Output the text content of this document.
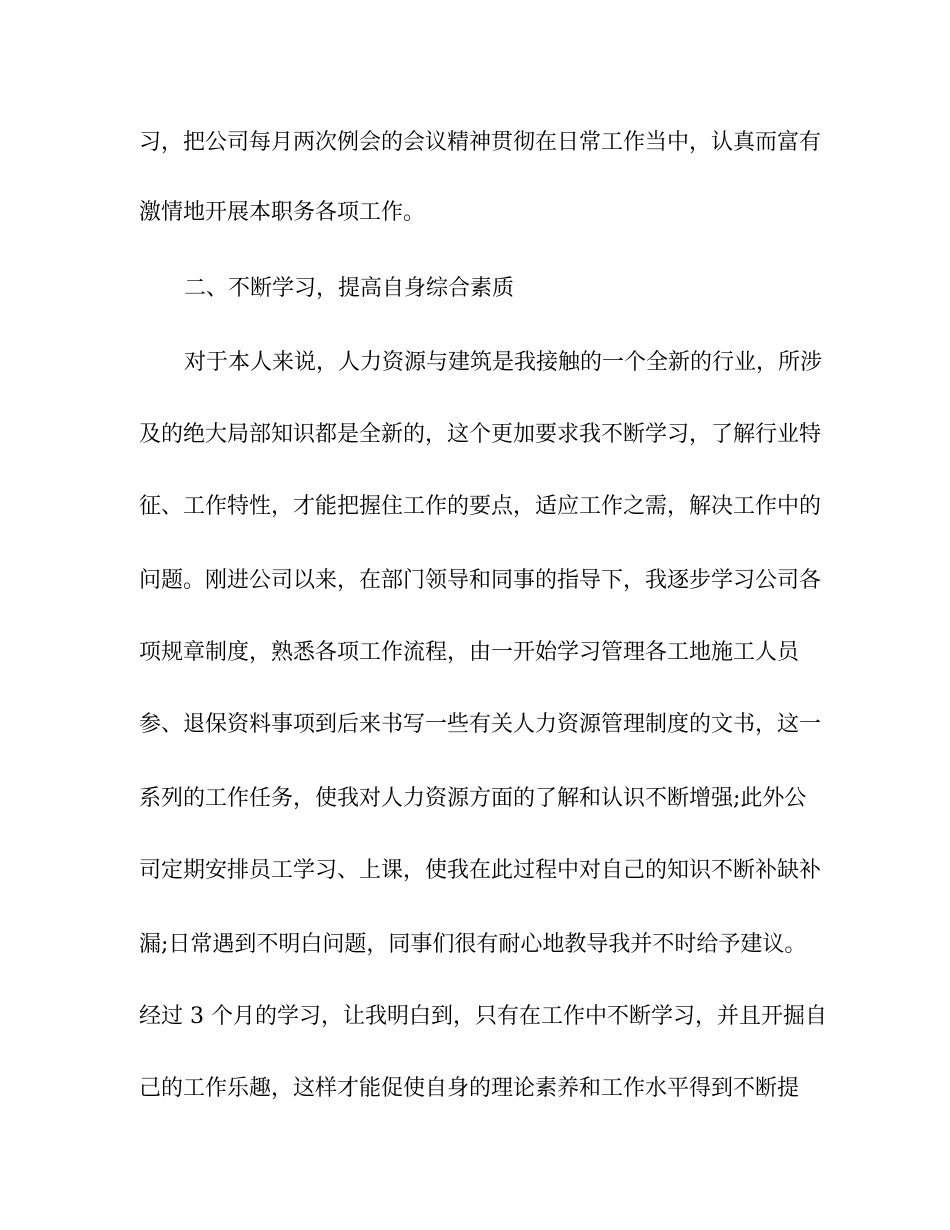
习，把公司每月两次例会的会议精神贯彻在日常工作当中，认真而富有
激情地开展本职务各项工作。
二、不断学习，提高自身综合素质
对于本人来说，人力资源与建筑是我接触的一个全新的行业，所涉
及的绝大局部知识都是全新的，这个更加要求我不断学习，了解行业特
征、工作特性，才能把握住工作的要点，适应工作之需，解决工作中的
问题。刚进公司以来，在部门领导和同事的指导下，我逐步学习公司各
项规章制度，熟悉各项工作流程，由一开始学习管理各工地施工人员
参、退保资料事项到后来书写一些有关人力资源管理制度的文书，这一
系列的工作任务，使我对人力资源方面的了解和认识不断增强;此外公
司定期安排员工学习、上课，使我在此过程中对自己的知识不断补缺补
漏;日常遇到不明白问题，同事们很有耐心地教导我并不时给予建议。
经过 3 个月的学习，让我明白到，只有在工作中不断学习，并且开掘自
己的工作乐趣，这样才能促使自身的理论素养和工作水平得到不断提
